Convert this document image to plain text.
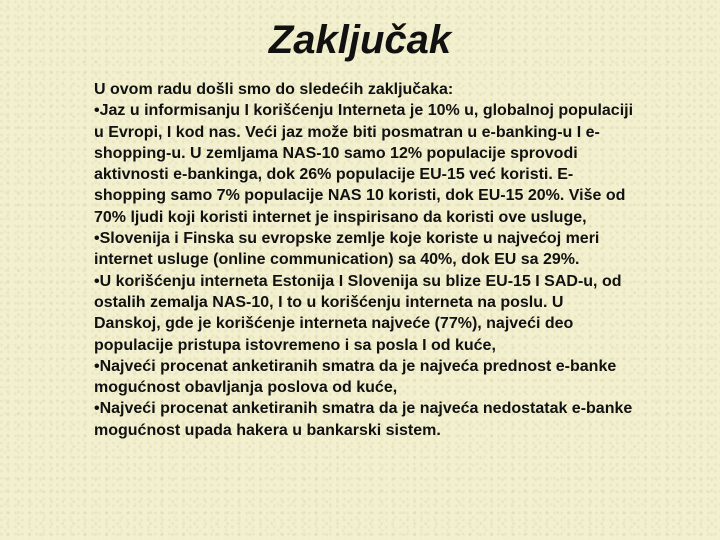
Zaključak

U ovom radu došli smo do sledećih zaključaka:

•Jaz u informisanju I korišćenju Interneta je 10% u, globalnoj populaciji u Evropi, I kod nas. Veći jaz može biti posmatran u e-banking-u I e-shopping-u. U zemljama NAS-10 samo 12% populacije sprovodi aktivnosti e-bankinga, dok 26% populacije EU-15 već koristi. E-shopping samo 7% populacije NAS 10 koristi, dok EU-15 20%. Više od 70% ljudi koji koristi internet je inspirisano da koristi ove usluge,

•Slovenija i Finska su evropske zemlje koje koriste u najvećoj meri internet usluge (online communication) sa 40%, dok EU sa 29%.

•U korišćenju interneta Estonija I Slovenija su blize EU-15 I SAD-u, od ostalih zemalja NAS-10, I to u korišćenju interneta na poslu. U Danskoj, gde je korišćenje interneta najveće (77%), najveći deo populacije pristupa istovremeno i sa posla I od kuće,

•Najveći procenat anketiranih smatra da je najveća prednost e-banke mogućnost obavljanja poslova od kuće,

•Najveći procenat anketiranih smatra da je najveća nedostatak e-banke mogućnost upada hakera u bankarski sistem.
